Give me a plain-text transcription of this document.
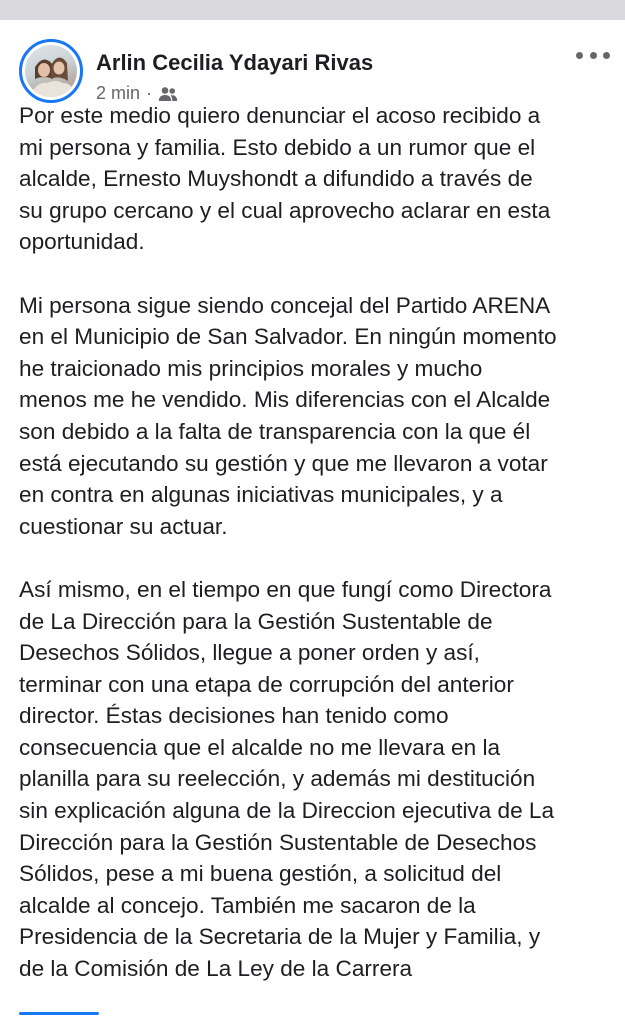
Arlin Cecilia Ydayari Rivas
2 min ·

Por este medio quiero denunciar el acoso recibido a
mi persona y familia. Esto debido a un rumor que el
alcalde, Ernesto Muyshondt a difundido a través de
su grupo cercano y el cual aprovecho aclarar en esta
oportunidad.

Mi persona sigue siendo concejal del Partido ARENA
en el Municipio de San Salvador. En ningún momento
he traicionado mis principios morales y mucho
menos me he vendido. Mis diferencias con el Alcalde
son debido a la falta de transparencia con la que él
está ejecutando su gestión y que me llevaron a votar
en contra en algunas iniciativas municipales, y a
cuestionar su actuar.

Así mismo, en el tiempo en que fungí como Directora
de La Dirección para la Gestión Sustentable de
Desechos Sólidos, llegue a poner orden y así,
terminar con una etapa de corrupción del anterior
director. Éstas decisiones han tenido como
consecuencia que el alcalde no me llevara en la
planilla para su reelección, y además mi destitución
sin explicación alguna de la Direccion ejecutiva de La
Dirección para la Gestión Sustentable de Desechos
Sólidos, pese a mi buena gestión, a solicitud del
alcalde al concejo. También me sacaron de la
Presidencia de la Secretaria de la Mujer y Familia, y
de la Comisión de La Ley de la Carrera
